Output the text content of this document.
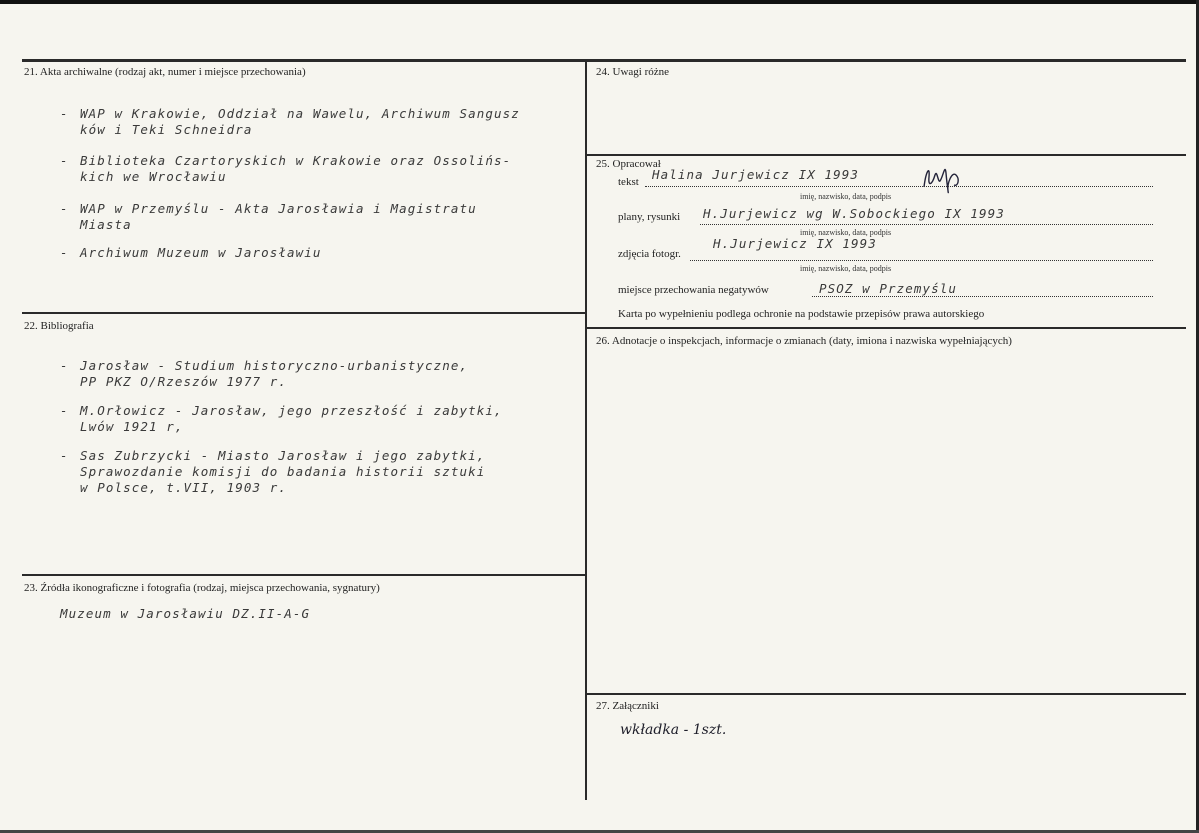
21. Akta archiwalne (rodzaj akt, numer i miejsce przechowania)
- WAP w Krakowie, Oddział na Wawelu, Archiwum Sangusz
ków i Teki Schneidra
- Biblioteka Czartoryskich w Krakowie oraz Ossolińs-
kich we Wrocławiu
- WAP w Przemyślu - Akta Jarosławia i Magistratu
Miasta
- Archiwum Muzeum w Jarosławiu
22. Bibliografia
- Jarosław - Studium historyczno-urbanistyczne,
PP PKZ O/Rzeszów 1977 r.
- M.Orłowicz - Jarosław, jego przeszłość i zabytki,
Lwów 1921 r,
- Sas Zubrzycki - Miasto Jarosław i jego zabytki,
Sprawozdanie komisji do badania historii sztuki
w Polsce, t.VII, 1903 r.
23. Źródła ikonograficzne i fotografia (rodzaj, miejsca przechowania, sygnatury)
Muzeum w Jarosławiu DZ.II-A-G
24. Uwagi różne
25. Opracował
tekst Halina Jurjewicz IX 1993
imię, nazwisko, data, podpis
plany, rysunki H.Jurjewicz wg W.Sobockiego IX 1993
imię, nazwisko, data, podpis
zdjęcia fotogr.
H.Jurjewicz IX 1993
imię, nazwisko, data, podpis
miejsce przechowania negatywów	PSOZ w Przemyślu
Karta po wypełnieniu podlega ochronie na podstawie przepisów prawa autorskiego
26. Adnotacje o inspekcjach, informacje o zmianach (daty, imiona i nazwiska wypełniających)
27. Załączniki
wkładka - 1szt.
